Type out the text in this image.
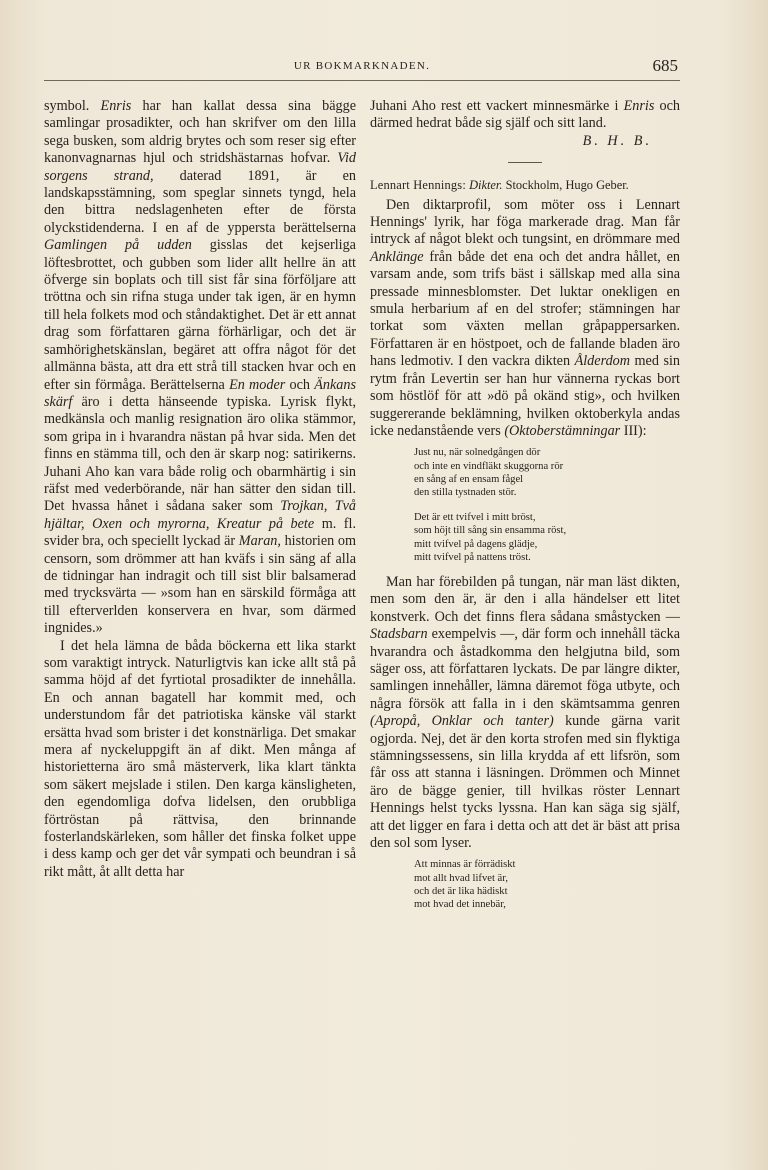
UR BOKMARKNADEN.	685

symbol. Enris har han kallat dessa sina bägge samlingar prosadikter, och han skrifver om den lilla sega busken, som aldrig brytes och som reser sig efter kanonvagnarnas hjul och stridshästarnas hofvar. Vid sorgens strand, daterad 1891, är en landskapsstämning, som speglar sinnets tyngd, hela den bittra nedslagenheten efter de första olyckstidenderna. I en af de yppersta berättelserna Gamlingen på udden gisslas det kejserliga löftesbrottet, och gubben som lider allt hellre än att öfverge sin boplats och till sist får sina förföljare att tröttna och sin rifna stuga under tak igen, är en hymn till hela folkets mod och ståndaktighet. Det är ett annat drag som författaren gärna förhärligar, och det är samhörighetskänslan, begäret att offra något för det allmänna bästa, att dra ett strå till stacken hvar och en efter sin förmåga. Berättelserna En moder och Änkans skärf äro i detta hänseende typiska. Lyrisk flykt, medkänsla och manlig resignation äro olika stämmor, som gripa in i hvarandra nästan på hvar sida. Men det finns en stämma till, och den är skarp nog: satirikerns. Juhani Aho kan vara både rolig och obarmhärtig i sin räfst med vederbörande, när han sätter den sidan till. Det hvassa hånet i sådana saker som Trojkan, Två hjältar, Oxen och myrorna, Kreatur på bete m. fl. svider bra, och speciellt lyckad är Maran, historien om censorn, som drömmer att han kväfs i sin säng af alla de tidningar han indragit och till sist blir balsamerad med trycksvärta — »som han en särskild förmåga att till efterverlden konservera en hvar, som därmed ingnides.»

I det hela lämna de båda böckerna ett lika starkt som varaktigt intryck. Naturligtvis kan icke allt stå på samma höjd af det fyrtiotal prosadikter de innehålla. En och annan bagatell har kommit med, och understundom får det patriotiska känske väl starkt ersätta hvad som brister i det konstnärliga. Det smakar mera af nyckeluppgift än af dikt. Men många af historietterna äro små mästerverk, lika klart tänkta som säkert mejslade i stilen. Den karga känsligheten, den egendomliga dofva lidelsen, den orubbliga förtröstan på rättvisa, den brinnande fosterlandskärleken, som håller det finska folket uppe i dess kamp och ger det vår sympati och beundran i så rikt mått, åt allt detta har

Juhani Aho rest ett vackert minnesmärke i Enris och därmed hedrat både sig själf och sitt land.

B. H. B.
Lennart Hennings: Dikter. Stockholm, Hugo Geber.

Den diktarprofil, som möter oss i Lennart Hennings' lyrik, har föga markerade drag. Man får intryck af något blekt och tungsint, en drömmare med Anklänge från både det ena och det andra hållet, en varsam ande, som trifs bäst i sällskap med alla sina pressade minnesblomster. Det luktar onekligen en smula herbarium af en del strofer; stämningen har torkat som växten mellan gråpappersarken. Författaren är en höstpoet, och de fallande bladen äro hans ledmotiv. I den vackra dikten Ålderdom med sin rytm från Levertin ser han hur vännerna ryckas bort som höstlöf för att »dö på okänd stig», och hvilken suggererande beklämning, hvilken oktoberkyla andas icke nedanstående vers (Oktoberstämningar III):

Just nu, när solnedgången dör
och inte en vindfläkt skuggorna rör
en sång af en ensam fågel
den stilla tystnaden stör.
Det är ett tvifvel i mitt bröst,
som höjt till sång sin ensamma röst,
mitt tvifvel på dagens glädje,
mitt tvifvel på nattens tröst.

Man har förebilden på tungan, när man läst dikten, men som den är, är den i alla händelser ett litet konstverk. Och det finns flera sådana småstycken — Stadsbarn exempelvis —, där form och innehåll täcka hvarandra och åstadkomma den helgjutna bild, som säger oss, att författaren lyckats. De par längre dikter, samlingen innehåller, lämna däremot föga utbyte, och några försök att falla in i den skämtsamma genren (Apropå, Onklar och tanter) kunde gärna varit ogjorda. Nej, det är den korta strofen med sin flyktiga stämningssessens, sin lilla krydda af ett lifsrön, som får oss att stanna i läsningen. Drömmen och Minnet äro de bägge genier, till hvilkas röster Lennart Hennings helst tycks lyssna. Han kan säga sig själf, att det ligger en fara i detta och att det är bäst att prisa den sol som lyser.

Att minnas är förrädiskt
mot allt hvad lifvet är,
och det är lika hädiskt
mot hvad det innebär,
